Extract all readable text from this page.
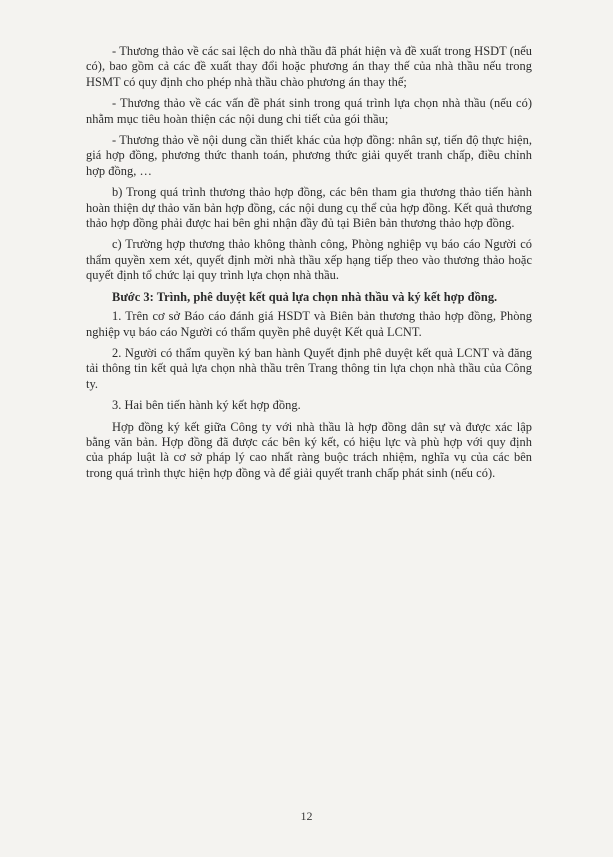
- Thương thảo về các sai lệch do nhà thầu đã phát hiện và đề xuất trong HSDT (nếu có), bao gồm cả các đề xuất thay đổi hoặc phương án thay thế của nhà thầu nếu trong HSMT có quy định cho phép nhà thầu chào phương án thay thế;

- Thương thảo về các vấn đề phát sinh trong quá trình lựa chọn nhà thầu (nếu có) nhằm mục tiêu hoàn thiện các nội dung chi tiết của gói thầu;

- Thương thảo về nội dung cần thiết khác của hợp đồng: nhân sự, tiến độ thực hiện, giá hợp đồng, phương thức thanh toán, phương thức giải quyết tranh chấp, điều chỉnh hợp đồng, …

b) Trong quá trình thương thảo hợp đồng, các bên tham gia thương thảo tiến hành hoàn thiện dự thảo văn bản hợp đồng, các nội dung cụ thể của hợp đồng. Kết quả thương thảo hợp đồng phải được hai bên ghi nhận đầy đủ tại Biên bản thương thảo hợp đồng.

c) Trường hợp thương thảo không thành công, Phòng nghiệp vụ báo cáo Người có thẩm quyền xem xét, quyết định mời nhà thầu xếp hạng tiếp theo vào thương thảo hoặc quyết định tổ chức lại quy trình lựa chọn nhà thầu.

Bước 3: Trình, phê duyệt kết quả lựa chọn nhà thầu và ký kết hợp đồng.

1. Trên cơ sở Báo cáo đánh giá HSDT và Biên bản thương thảo hợp đồng, Phòng nghiệp vụ báo cáo Người có thẩm quyền phê duyệt Kết quả LCNT.

2. Người có thẩm quyền ký ban hành Quyết định phê duyệt kết quả LCNT và đăng tải thông tin kết quả lựa chọn nhà thầu trên Trang thông tin lựa chọn nhà thầu của Công ty.

3. Hai bên tiến hành ký kết hợp đồng.

Hợp đồng ký kết giữa Công ty với nhà thầu là hợp đồng dân sự và được xác lập bằng văn bản. Hợp đồng đã được các bên ký kết, có hiệu lực và phù hợp với quy định của pháp luật là cơ sở pháp lý cao nhất ràng buộc trách nhiệm, nghĩa vụ của các bên trong quá trình thực hiện hợp đồng và để giải quyết tranh chấp phát sinh (nếu có).

12
